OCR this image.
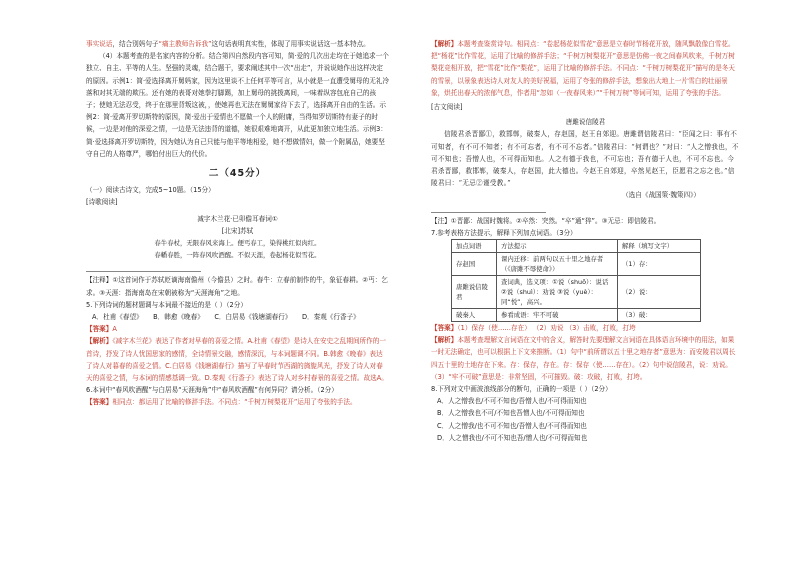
事实说话，结合别妈句子“痛主教师告诉我”这句话表明真实性，体现了用事实说话这一基本特点。

（4）本题考查的是名家内容的分析。结合第四自然段内容可知，简·爱的几次出走均在于她追求一个独立、自主、平等的人生。坚强的灵魂，结合题干，要求阐述其中一次“出走”，并说说她作出这样决定的原因。示例1：简·爱选择离开舅妈家，因为这里谈不上任何平等可言，从小就是一直遭受舅母的无礼冷落和对其无端的欺压。还有她的表哥对她拳打脚踢，加上舅母的挑拨离间，一味着纵容包庇自己的孩子；使她无法忍受，终于在那里背叛这被，，使她再也无法在舅舅家待下去了，选择离开自由的生活。示例2：简·爱离开罗切斯特的原因，简·爱出于爱情也不愿做一个人的附庸，当得知罗切斯特有妻子的时候，一边是对他的深爱之情，一边是无法违背的道德，她很艰难地离开，从此更加独立地生活。示例3：简·爱选择离开罗切斯特，因为她认为自己只能与他平等地相爱，她不想做情妇，做一个附属品，她要坚守自己的人格尊严，哪怕付出巨大的代价。

二（45分）

（一）阅读古诗文，完成5~10题。（15分）

[诗歌阅读]

减字木兰花·已卯儋耳春词①

[北宋]苏轼

春牛春杖，无限春风来海上。便丐春工，染得桃红似肉红。

春幡春胜，一阵春风吹酒醒。不似天涯，卷起杨花似雪花。

【注释】①这首词作于苏轼贬谪海南儋州（今儋县）之时。春牛：立春前制作的牛，象征春耕。②丐：乞求。③天涯：指海南岛在宋朝被称为“天涯海角”之地。

5.下列诗词的题材题调与本词最不接近的是（ ）（2分）

A．杜甫《春望》 B．韩愈《晚春》 C．白居易《钱塘湖春行》 D．秦观《行香子》

【答案】A

【解析】《减字木兰花》表达了作者对早春的喜爱之情。A.杜甫《春望》是诗人在安史之乱期间所作的一首诗，抒发了诗人忧国思家的感情，全诗情景交融，感情深沉，与本词题调不同。B.韩愈《晚春》表达了诗人对暮春的喜爱之情。C.白居易《钱塘湖春行》描写了早春时节西湖的旖旎风光，抒发了诗人对春天的喜爱之情，与本词的情感基调一致。D.秦观《行香子》表达了诗人对乡村春景的喜爱之情。故选A。

6.本词中“春风吹酒醒”与白居易“天涯海角”中“春风吹酒醒”有何异同？请分析。（2分）

【答案】相同点：都运用了比喻的修辞手法。不同点：“千树万树梨花开”运用了夸张的手法。

【解析】本题考查鉴赏诗句。相同点：“卷起杨花似雪花”意思是立春时节杨花开放，随风飘散像白雪花。把“杨花”比作雪花，运用了比喻的修辞手法；“千树万树梨花开”意思是仿佛一夜之间春风吹来，千树万树梨花竞相开放，把“雪花”比作“梨花”，运用了比喻的修辞手法。不同点：“千树万树梨花开”描写的是冬天的雪景，以景象表达诗人对友人的美好祝福，运用了夸张的修辞手法，想象出大地上一片雪白的壮丽景象，烘托出春天的浓郁气息，作者用“忽如（一夜春风来）”“千树万树”等词可知，运用了夸张的手法。

[古文阅读]

唐雎说信陵君

信陵君杀晋鄙①，救邯郸，破秦人，存赵国，赵王自郊迎。唐雎谓信陵君曰：“臣闻之曰：事有不可知者，有不可不知者；有不可忘者，有不可不忘者。”信陵君曰：“何谓也？”对曰：“人之憎我也，不可不知也；吾憎人也，不可得而知也。人之有德于我也，不可忘也；吾有德于人也，不可不忘也。今君杀晋鄙，救邯郸，破秦人，存赵国，此大德也。今赵王自郊迎，卒然见赵王，臣愿君之忘之也。”信陵君曰：“无忌②谨受教。”

（选自《战国策·魏策四》）

【注】①晋鄙：战国时魏将。②卒然：突然。“卒”通“猝”。③无忌：即信陵君。

7.参考表格方法提示，解释下列加点词语。（3分）

加点词语	方法提示	解释（填写文字）
存赵国	课内迁移：前两句以五十里之地存者（《唐雎不辱使命》）	（1）存：
唐雎说信陵君	查词典，选义项：①说（shuō）：说话 ②说（shuì）：劝说 ③说（yuè）：同“悦”，高兴。	（2）说：
破秦人	参看成语：牢不可破	（3）破：

【答案】（1）保存（使……存在） （2）劝说 （3）击败，打败，打垮

【解析】本题考查理解文言词语在文中的含义，解答时先要理解文言词语在具体语言环境中的用法，如果一时无法确定，也可以根据上下文来推断。（1）句中“前所谓以五十里之地存者”意思为：而安陵君以周长四五十里的土地存在下来。存：保存，存在。存：保存（使……存在）。（2）句中说信陵君，说：劝说。（3）“牢不可破”意思是：非常坚固，不可摧毁。破：攻破，打败，打垮。

8.下列对文中画波浪线部分的断句，正确的一项是（ ）（2分）

A．人之憎我也/不可不知也/吾憎人也/不可得而知也

B．人之憎我也不可/不知也吾憎人也/不可得而知也

C．人之憎我/也不可不知也/吾憎人也/不可得而知也

D．人之憎我也/不可不知也吾/憎人也/不可得而知也
